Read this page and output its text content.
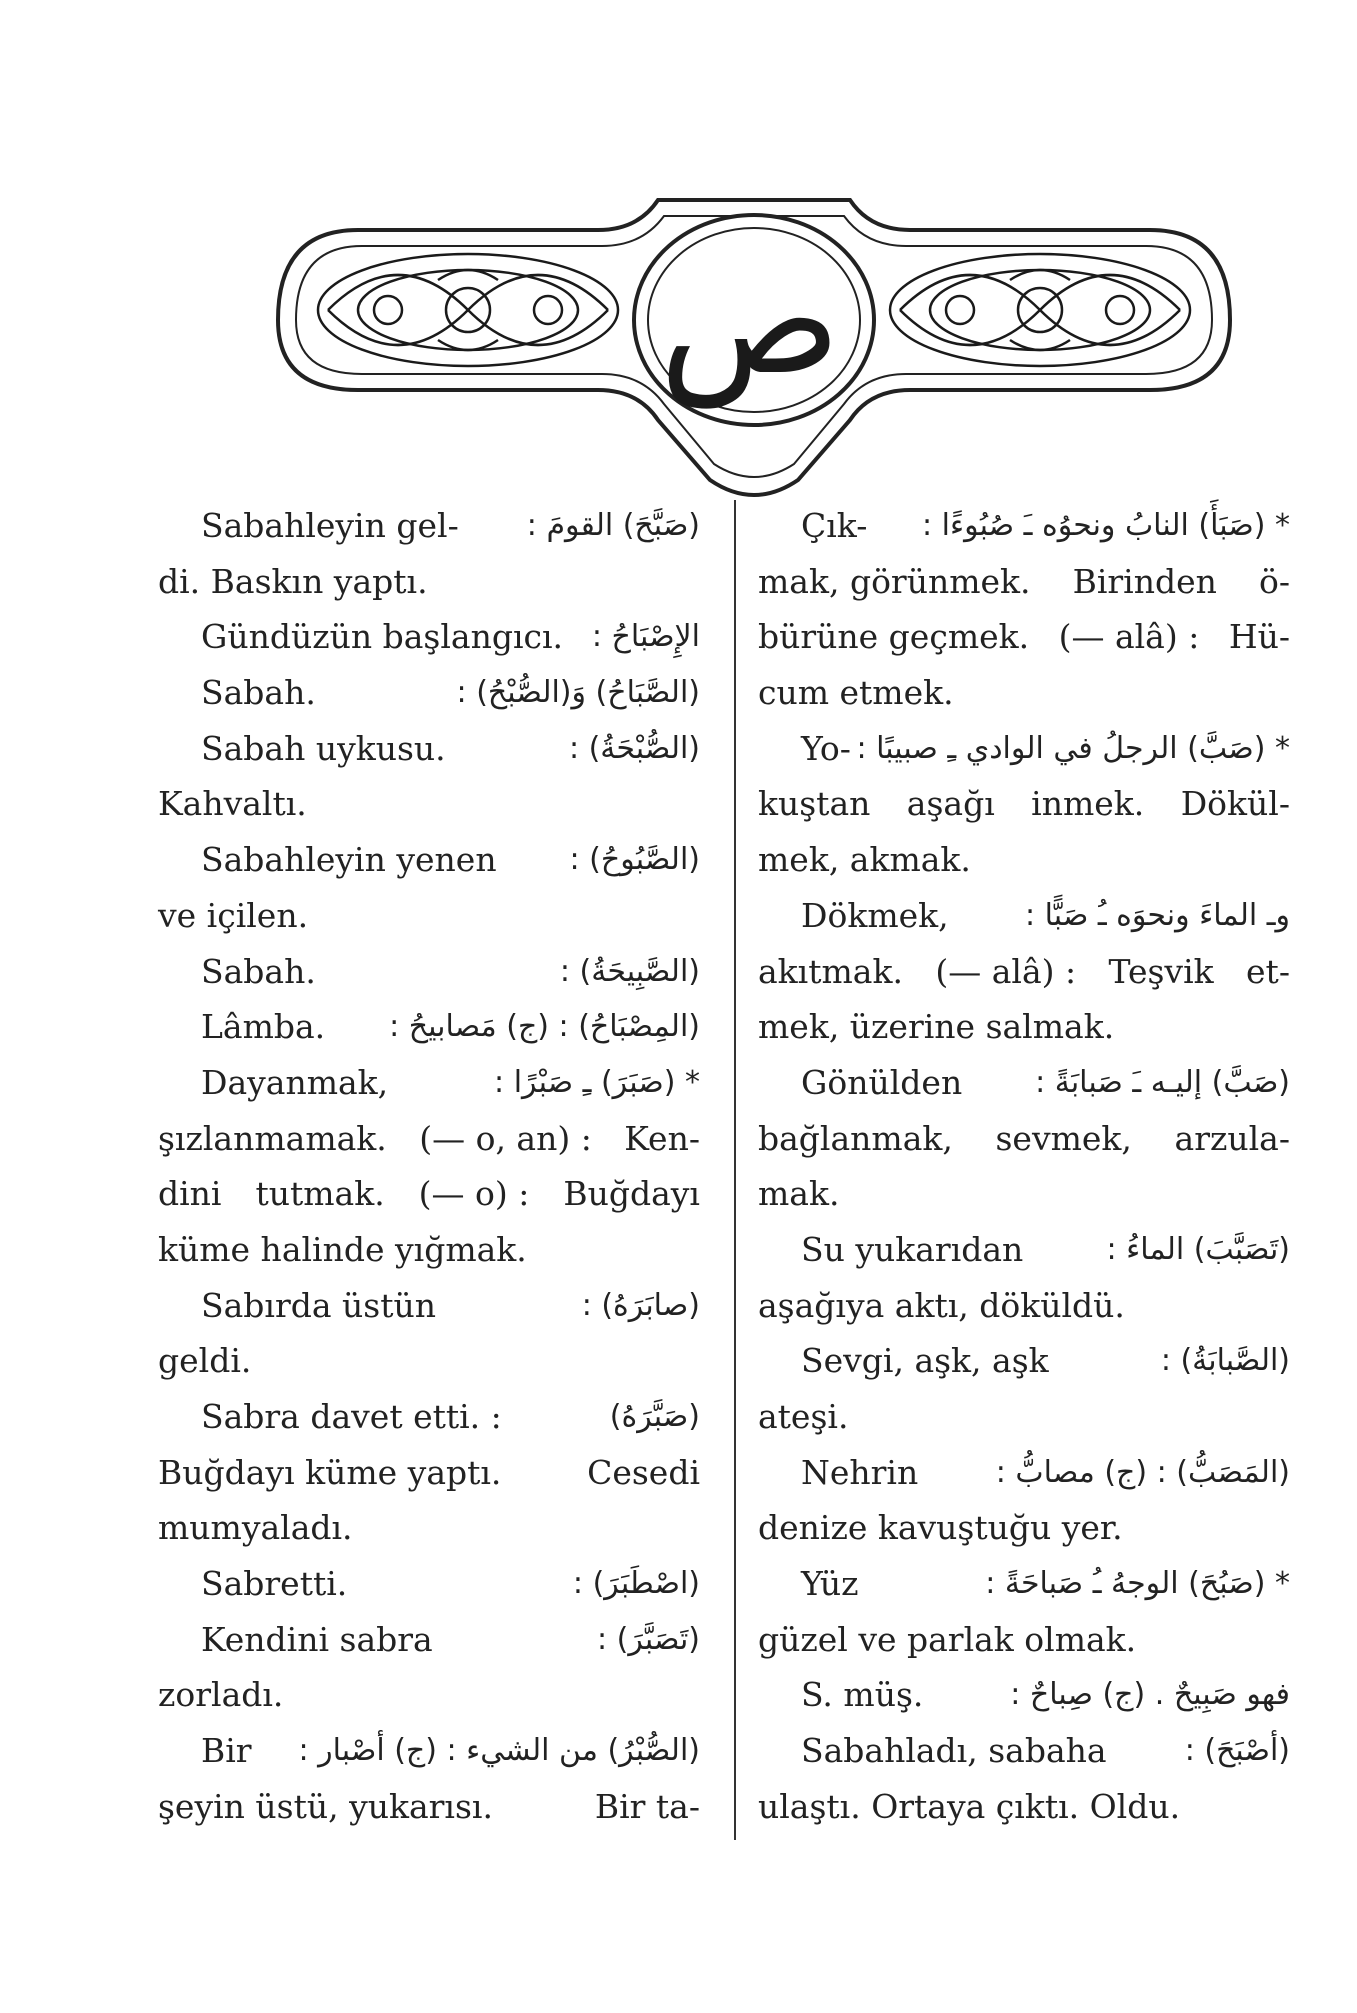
ص
Sabahleyin gel- (صَبَّحَ) القومَ :
di. Baskın yaptı.
Gündüzün başlangıcı. الإِصْبَاحُ :
Sabah.	(الصَّبَاحُ) وَ(الصُّبْحُ) :
Sabah uykusu.	(الصُّبْحَةُ) :
Kahvaltı.
Sabahleyin yenen (الصَّبُوحُ) :
ve içilen.
Sabah.	(الصَّبِيحَةُ) :
Lâmba. (المِصْبَاحُ) : (ج) مَصابيحُ :
Dayanmak,	* (صَبَرَ) ـِ صَبْرًا :
şızlanmamak. (— o, an) : Ken-
dini tutmak. (— o) : Buğdayı
küme halinde yığmak.
Sabırda üstün	(صابَرَهُ) :
geldi.
Sabra davet etti. :	(صَبَّرَهُ)
Buğdayı küme yaptı.	Cesedi
mumyaladı.
Sabretti.	(اصْطَبَرَ) :
Kendini sabra	(تَصَبَّرَ) :
zorladı.
Bir (الصُّبْرُ) من الشيء : (ج) أصْبار :
şeyin üstü, yukarısı.	Bir ta-
Çık- * (صَبَأَ) النابُ ونحوُه ـَ صُبُوءًا :
mak, görünmek. Birinden ö-
bürüne geçmek. (— alâ) : Hü-
cum etmek.
Yo- * (صَبَّ) الرجلُ في الوادي ـِ صبيبًا :
kuştan aşağı inmek. Dökül-
mek, akmak.
Dökmek,	وـ الماءَ ونحوَه ـُ صَبًّا :
akıtmak. (— alâ) : Teşvik et-
mek, üzerine salmak.
Gönülden (صَبَّ) إليـه ـَ صَبابَةً :
bağlanmak, sevmek, arzula-
mak.
Su yukarıdan	(تَصَبَّبَ) الماءُ :
aşağıya aktı, döküldü.
Sevgi, aşk, aşk	(الصَّبابَةُ) :
ateşi.
Nehrin	(المَصَبُّ) : (ج) مصابُّ :
denize kavuştuğu yer.
Yüz	* (صَبُحَ) الوجهُ ـُ صَباحَةً :
güzel ve parlak olmak.
S. müş.	فهو صَبِيحٌ . (ج) صِباحٌ :
Sabahladı, sabaha	(أصْبَحَ) :
ulaştı. Ortaya çıktı. Oldu.
